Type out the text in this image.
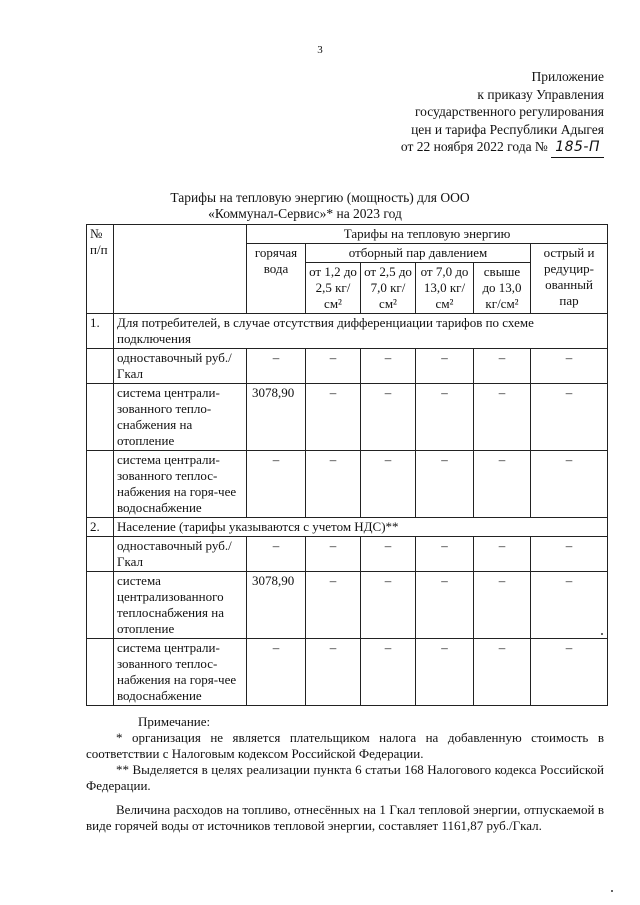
3
Приложение
к приказу Управления
государственного регулирования
цен и тарифа Республики Адыгея
от 22 ноября 2022 года № 185-П
Тарифы на тепловую энергию (мощность) для ООО
«Коммунал-Сервис»* на 2023 год
№ п/п		Тарифы на тепловую энергию					
		горячая вода	отборный пар давлением				острый и редуцир-ованный пар
			от 1,2 до 2,5 кг/см²	от 2,5 до 7,0 кг/см²	от 7,0 до 13,0 кг/см²	свыше до 13,0 кг/см²	
1.	Для потребителей, в случае отсутствия дифференциации тарифов по схеме подключения						
	одноставочный руб./Гкал	–	–	–	–	–	–
	система централи-зованного тепло-снабжения на отопление	3078,90	–	–	–	–	–
	система централи-зованного теплос-набжения на горя-чее водоснабжение	–	–	–	–	–	–
2.	Население (тарифы указываются с учетом НДС)**						
	одноставочный руб./Гкал	–	–	–	–	–	–
	система централизованного теплоснабжения на отопление	3078,90	–	–	–	–	–
	система централи-зованного теплос-набжения на горя-чее водоснабжение	–	–	–	–	–	–

Примечание:

* организация не является плательщиком налога на добавленную стоимость в соответствии с Налоговым кодексом Российской Федерации.

** Выделяется в целях реализации пункта 6 статьи 168 Налогового кодекса Российской Федерации.

Величина расходов на топливо, отнесённых на 1 Гкал тепловой энергии, отпускаемой в виде горячей воды от источников тепловой энергии, составляет 1161,87 руб./Гкал.
